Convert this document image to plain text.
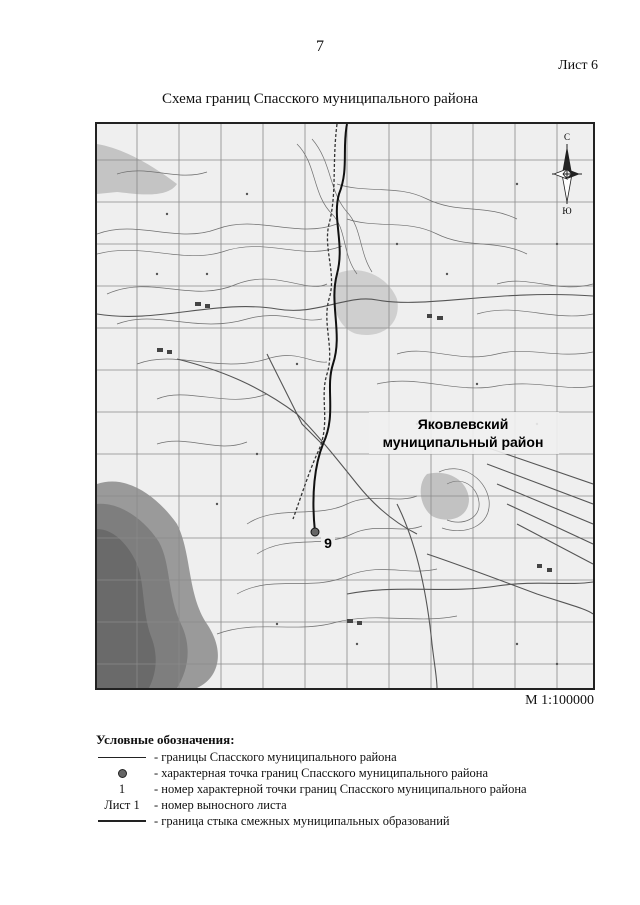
7
Лист 6
Схема границ Спасского муниципального района
С
Ю
Яковлевский
муниципальный район
9
М 1:100000
Условные обозначения:
- границы Спасского муниципального района
- характерная точка границ Спасского муниципального района
1	- номер характерной точки границ Спасского муниципального района
Лист 1	- номер выносного листа
- граница стыка смежных муниципальных образований
